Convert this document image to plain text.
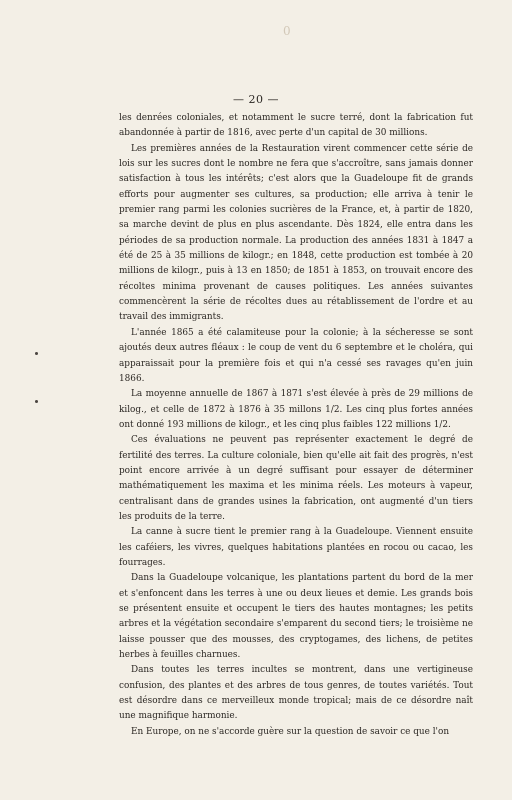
0
— 20 —

les denrées coloniales, et notamment le sucre terré, dont la fabrication fut abandonnée à partir de 1816, avec perte d'un capital de 30 millions.

Les premières années de la Restauration virent commencer cette série de lois sur les sucres dont le nombre ne fera que s'accroître, sans jamais donner satisfaction à tous les intérêts; c'est alors que la Guadeloupe fit de grands efforts pour augmenter ses cultures, sa production; elle arriva à tenir le premier rang parmi les colonies sucrières de la France, et, à partir de 1820, sa marche devint de plus en plus ascendante. Dès 1824, elle entra dans les périodes de sa production normale. La production des années 1831 à 1847 a été de 25 à 35 millions de kilogr.; en 1848, cette production est tombée à 20 millions de kilogr., puis à 13 en 1850; de 1851 à 1853, on trouvait encore des récoltes minima provenant de causes politiques. Les années suivantes commencèrent la série de récoltes dues au rétablissement de l'ordre et au travail des immigrants.

L'année 1865 a été calamiteuse pour la colonie; à la sécheresse se sont ajoutés deux autres fléaux : le coup de vent du 6 septembre et le choléra, qui apparaissait pour la première fois et qui n'a cessé ses ravages qu'en juin 1866.

La moyenne annuelle de 1867 à 1871 s'est élevée à près de 29 millions de kilog., et celle de 1872 à 1876 à 35 millons 1/2. Les cinq plus fortes années ont donné 193 millions de kilogr., et les cinq plus faibles 122 millions 1/2.

Ces évaluations ne peuvent pas représenter exactement le degré de fertilité des terres. La culture coloniale, bien qu'elle ait fait des progrès, n'est point encore arrivée à un degré suffisant pour essayer de déterminer mathématiquement les maxima et les minima réels. Les moteurs à vapeur, centralisant dans de grandes usines la fabrication, ont augmenté d'un tiers les produits de la terre.

La canne à sucre tient le premier rang à la Guadeloupe. Viennent ensuite les caféiers, les vivres, quelques habitations plantées en rocou ou cacao, les fourrages.

Dans la Guadeloupe volcanique, les plantations partent du bord de la mer et s'enfoncent dans les terres à une ou deux lieues et demie. Les grands bois se présentent ensuite et occupent le tiers des hautes montagnes; les petits arbres et la végétation secondaire s'emparent du second tiers; le troisième ne laisse pousser que des mousses, des cryptogames, des lichens, de petites herbes à feuilles charnues.

Dans toutes les terres incultes se montrent, dans une vertigineuse confusion, des plantes et des arbres de tous genres, de toutes variétés. Tout est désordre dans ce merveilleux monde tropical; mais de ce désordre naît une magnifique harmonie.

En Europe, on ne s'accorde guère sur la question de savoir ce que l'on
